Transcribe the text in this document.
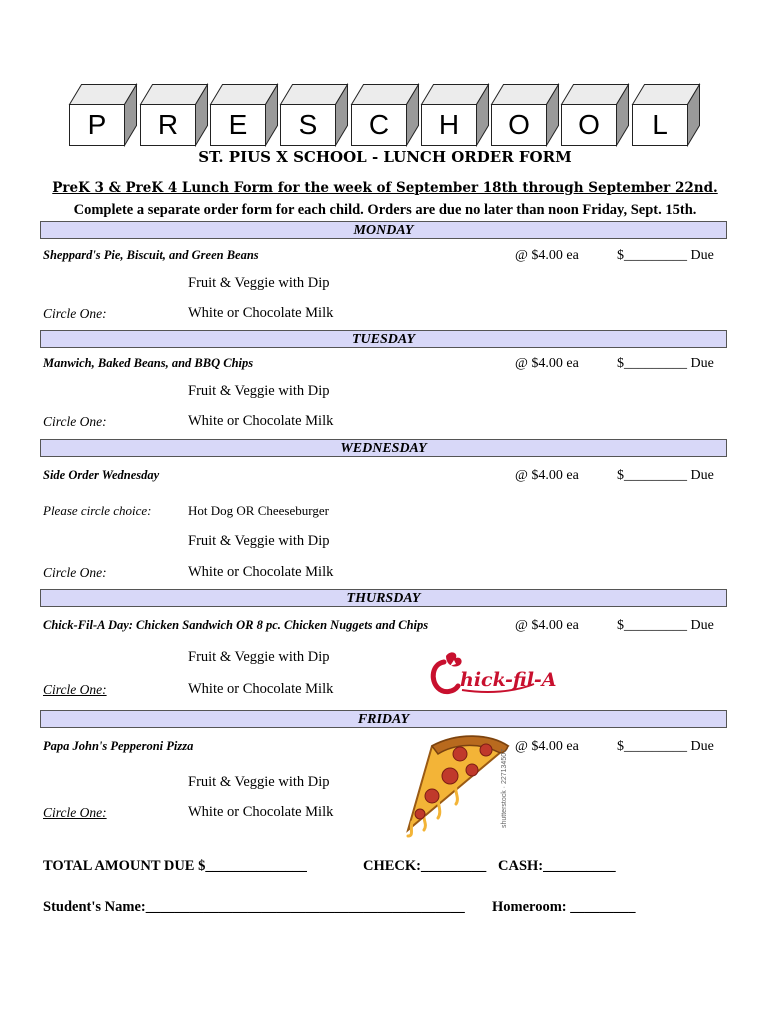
P	R	E	S	C	H	O	O	L
ST. PIUS X SCHOOL - LUNCH ORDER FORM
PreK 3 & PreK 4 Lunch Form for the week of September 18th through September 22nd.
Complete a separate order form for each child. Orders are due no later than noon Friday, Sept. 15th.
MONDAY
Sheppard's Pie, Biscuit, and Green Beans	@ $4.00 ea	$_________ Due
Fruit & Veggie with Dip
Circle One:	White or Chocolate Milk
TUESDAY
Manwich, Baked Beans, and BBQ Chips	@ $4.00 ea	$_________ Due
Fruit & Veggie with Dip
Circle One:	White or Chocolate Milk
WEDNESDAY
Side Order Wednesday	@ $4.00 ea	$_________ Due
Please circle choice:	Hot Dog OR Cheeseburger
Fruit & Veggie with Dip
Circle One:	White or Chocolate Milk
THURSDAY
Chick-Fil-A Day: Chicken Sandwich OR 8 pc. Chicken Nuggets and Chips	@ $4.00 ea	$_________ Due
Fruit & Veggie with Dip
Circle One:	White or Chocolate Milk	hick-fil-A
FRIDAY
Papa John's Pepperoni Pizza	@ $4.00 ea	$_________ Due
Fruit & Veggie with Dip
Circle One:	White or Chocolate Milk	shutterstock · 227134507
TOTAL AMOUNT DUE $______________	CHECK:_________ CASH:__________
Student's Name:____________________________________________ Homeroom: _________
